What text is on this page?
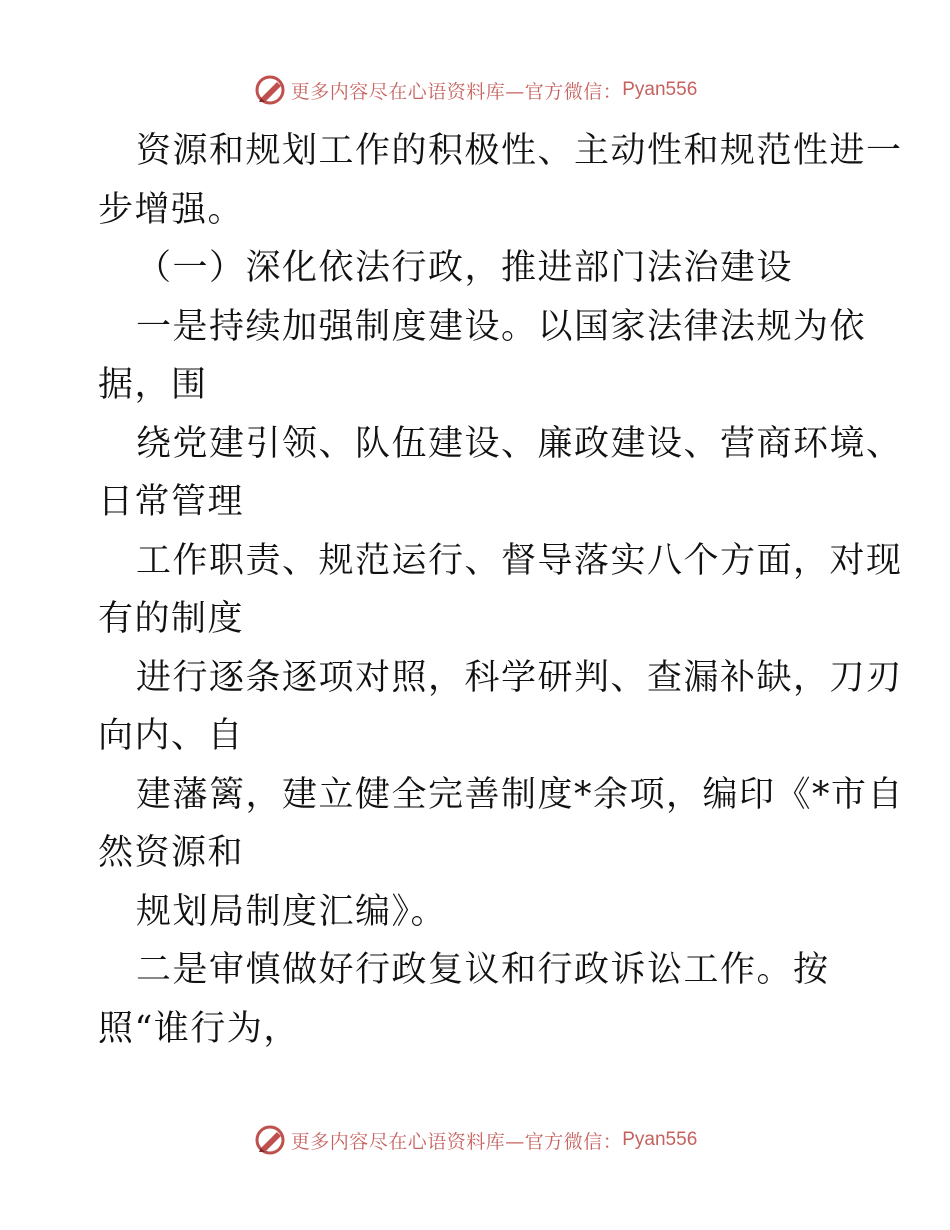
更多内容尽在心语资料库—官方微信： Pyan556
资源和规划工作的积极性、主动性和规范性进一
步增强。
（一）深化依法行政，推进部门法治建设
一是持续加强制度建设。以国家法律法规为依
据，围
绕党建引领、队伍建设、廉政建设、营商环境、
日常管理
工作职责、规范运行、督导落实八个方面，对现
有的制度
进行逐条逐项对照，科学研判、查漏补缺，刀刃
向内、自
建藩篱，建立健全完善制度*余项，编印《*市自
然资源和
规划局制度汇编》。
二是审慎做好行政复议和行政诉讼工作。按
照“谁行为，
更多内容尽在心语资料库—官方微信： Pyan556
